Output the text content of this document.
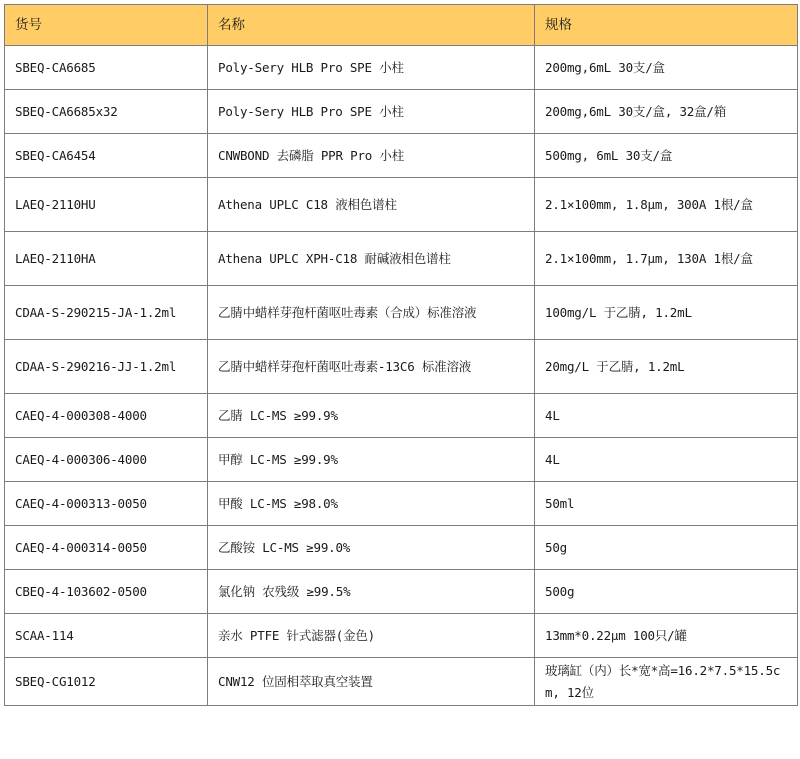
货号	名称	规格
SBEQ-CA6685	Poly-Sery HLB Pro SPE 小柱	200mg,6mL 30支/盒
SBEQ-CA6685x32	Poly-Sery HLB Pro SPE 小柱	200mg,6mL 30支/盒, 32盒/箱
SBEQ-CA6454	CNWBOND 去磷脂 PPR Pro 小柱	500mg, 6mL 30支/盒
LAEQ-2110HU	Athena UPLC C18 液相色谱柱	2.1×100mm, 1.8μm, 300A 1根/盒
LAEQ-2110HA	Athena UPLC XPH-C18 耐碱液相色谱柱	2.1×100mm, 1.7μm, 130A 1根/盒
CDAA-S-290215-JA-1.2ml	乙腈中蜡样芽孢杆菌呕吐毒素（合成）标准溶液	100mg/L 于乙腈, 1.2mL
CDAA-S-290216-JJ-1.2ml	乙腈中蜡样芽孢杆菌呕吐毒素-13C6 标准溶液	20mg/L 于乙腈, 1.2mL
CAEQ-4-000308-4000	乙腈 LC-MS ≥99.9%	4L
CAEQ-4-000306-4000	甲醇 LC-MS ≥99.9%	4L
CAEQ-4-000313-0050	甲酸 LC-MS ≥98.0%	50ml
CAEQ-4-000314-0050	乙酸铵 LC-MS ≥99.0%	50g
CBEQ-4-103602-0500	氯化钠 农残级 ≥99.5%	500g
SCAA-114	亲水 PTFE 针式滤器(金色)	13mm*0.22μm 100只/罐
SBEQ-CG1012	CNW12 位固相萃取真空装置	玻璃缸（内）长*宽*高=16.2*7.5*15.5cm, 12位
